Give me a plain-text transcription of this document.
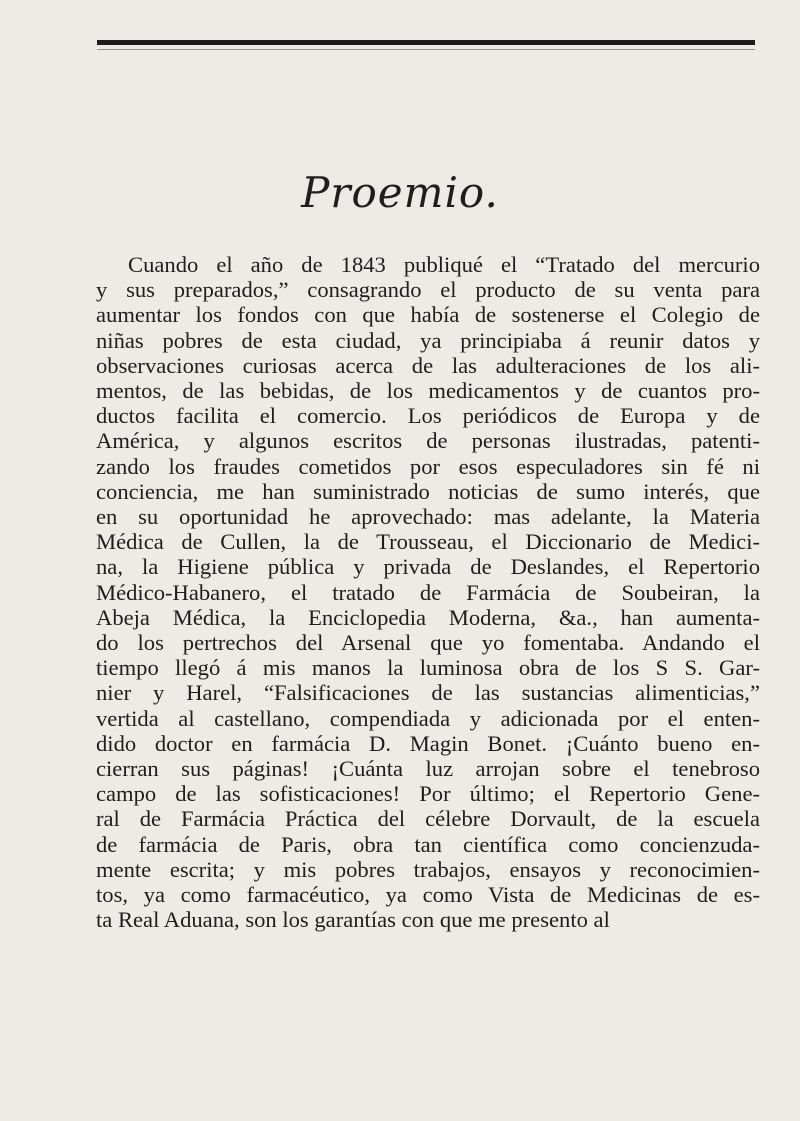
Proemio.
Cuando el año de 1843 publiqué el “Tratado del mercurio
y sus preparados,” consagrando el producto de su venta para
aumentar los fondos con que había de sostenerse el Colegio de
niñas pobres de esta ciudad, ya principiaba á reunir datos y
observaciones curiosas acerca de las adulteraciones de los ali-
mentos, de las bebidas, de los medicamentos y de cuantos pro-
ductos facilita el comercio. Los periódicos de Europa y de
América, y algunos escritos de personas ilustradas, patenti-
zando los fraudes cometidos por esos especuladores sin fé ni
conciencia, me han suministrado noticias de sumo interés, que
en su oportunidad he aprovechado: mas adelante, la Materia
Médica de Cullen, la de Trousseau, el Diccionario de Medici-
na, la Higiene pública y privada de Deslandes, el Repertorio
Médico-Habanero, el tratado de Farmácia de Soubeiran, la
Abeja Médica, la Enciclopedia Moderna, &a., han aumenta-
do los pertrechos del Arsenal que yo fomentaba. Andando el
tiempo llegó á mis manos la luminosa obra de los S S. Gar-
nier y Harel, “Falsificaciones de las sustancias alimenticias,”
vertida al castellano, compendiada y adicionada por el enten-
dido doctor en farmácia D. Magin Bonet. ¡Cuánto bueno en-
cierran sus páginas! ¡Cuánta luz arrojan sobre el tenebroso
campo de las sofisticaciones! Por último; el Repertorio Gene-
ral de Farmácia Práctica del célebre Dorvault, de la escuela
de farmácia de Paris, obra tan científica como concienzuda-
mente escrita; y mis pobres trabajos, ensayos y reconocimien-
tos, ya como farmacéutico, ya como Vista de Medicinas de es-
ta Real Aduana, son los garantías con que me presento al
